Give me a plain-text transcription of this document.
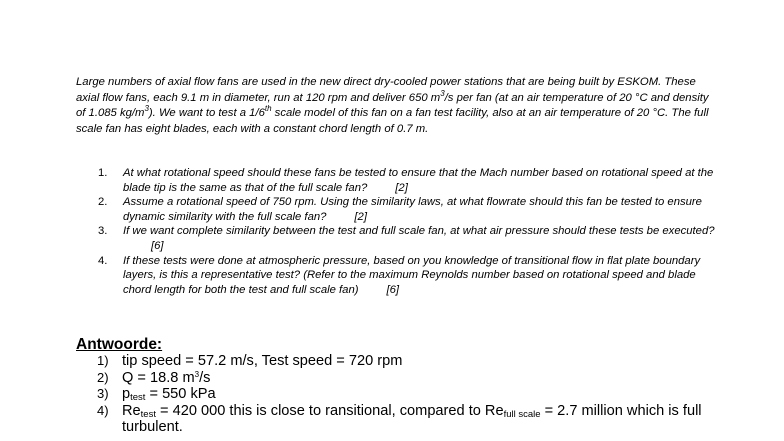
Large numbers of axial flow fans are used in the new direct dry-cooled power stations that are being built by ESKOM. These axial flow fans, each 9.1 m in diameter, run at 120 rpm and deliver 650 $m^3/s$ per fan (at an air temperature of 20 °C and density of 1.085 $kg/m^3$). We want to test a 1/6th scale model of this fan on a fan test facility, also at an air temperature of 20 °C. The full scale fan has eight blades, each with a constant chord length of 0.7 m.
1. At what rotational speed should these fans be tested to ensure that the Mach number based on rotational speed at the blade tip is the same as that of the full scale fan? [2]
2. Assume a rotational speed of 750 rpm. Using the similarity laws, at what flowrate should this fan be tested to ensure dynamic similarity with the full scale fan? [2]
3. If we want complete similarity between the test and full scale fan, at what air pressure should these tests be executed?[6]
4. If these tests were done at atmospheric pressure, based on you knowledge of transitional flow in flat plate boundary layers, is this a representative test? (Refer to the maximum Reynolds number based on rotational speed and blade chord length for both the test and full scale fan) [6]
Antwoorde:
1) tip speed = 57.2 m/s, Test speed = 720 rpm
2) Q = 18.8 $m^3/s$
3) $p_{test} = 550$ kPa
4) $Re_{test} = 420$ 000 this is close to ransitional, compared to $Re_{full scale} = 2.7$ million which is full turbulent.
